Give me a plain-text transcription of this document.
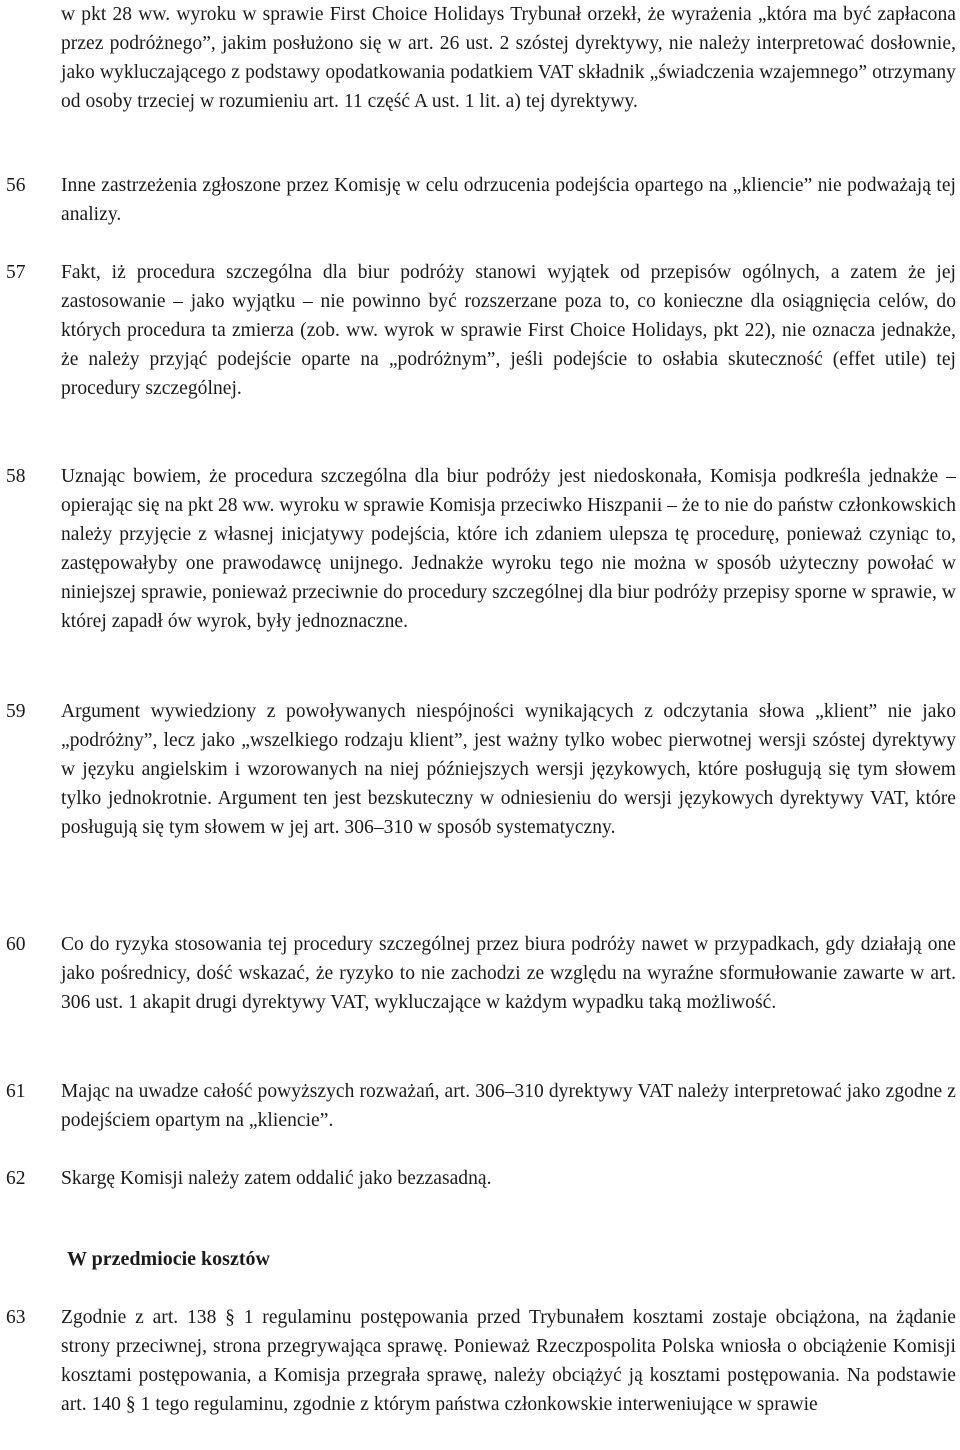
w pkt 28 ww. wyroku w sprawie First Choice Holidays Trybunał orzekł, że wyrażenia „która ma być zapłacona przez podróżnego”, jakim posłużono się w art. 26 ust. 2 szóstej dyrektywy, nie należy interpretować dosłownie, jako wykluczającego z podstawy opodatkowania podatkiem VAT składnik „świadczenia wzajemnego” otrzymany od osoby trzeciej w rozumieniu art. 11 część A ust. 1 lit. a) tej dyrektywy.
56 Inne zastrzeżenia zgłoszone przez Komisję w celu odrzucenia podejścia opartego na „kliencie” nie podważają tej analizy.
57 Fakt, iż procedura szczególna dla biur podróży stanowi wyjątek od przepisów ogólnych, a zatem że jej zastosowanie – jako wyjątku – nie powinno być rozszerzane poza to, co konieczne dla osiągnięcia celów, do których procedura ta zmierza (zob. ww. wyrok w sprawie First Choice Holidays, pkt 22), nie oznacza jednakże, że należy przyjąć podejście oparte na „podróżnym”, jeśli podejście to osłabia skuteczność (effet utile) tej procedury szczególnej.
58 Uznając bowiem, że procedura szczególna dla biur podróży jest niedoskonała, Komisja podkreśla jednakże – opierając się na pkt 28 ww. wyroku w sprawie Komisja przeciwko Hiszpanii – że to nie do państw członkowskich należy przyjęcie z własnej inicjatywy podejścia, które ich zdaniem ulepsza tę procedurę, ponieważ czyniąc to, zastępowałyby one prawodawcę unijnego. Jednakże wyroku tego nie można w sposób użyteczny powołać w niniejszej sprawie, ponieważ przeciwnie do procedury szczególnej dla biur podróży przepisy sporne w sprawie, w której zapadł ów wyrok, były jednoznaczne.
59 Argument wywiedziony z powoływanych niespójności wynikających z odczytania słowa „klient” nie jako „podróżny”, lecz jako „wszelkiego rodzaju klient”, jest ważny tylko wobec pierwotnej wersji szóstej dyrektywy w języku angielskim i wzorowanych na niej późniejszych wersji językowych, które posługują się tym słowem tylko jednokrotnie. Argument ten jest bezskuteczny w odniesieniu do wersji językowych dyrektywy VAT, które posługują się tym słowem w jej art. 306–310 w sposób systematyczny.
60 Co do ryzyka stosowania tej procedury szczególnej przez biura podróży nawet w przypadkach, gdy działają one jako pośrednicy, dość wskazać, że ryzyko to nie zachodzi ze względu na wyraźne sformułowanie zawarte w art. 306 ust. 1 akapit drugi dyrektywy VAT, wykluczające w każdym wypadku taką możliwość.
61 Mając na uwadze całość powyższych rozważań, art. 306–310 dyrektywy VAT należy interpretować jako zgodne z podejściem opartym na „kliencie”.
62 Skargę Komisji należy zatem oddalić jako bezzasadną.
W przedmiocie kosztów
63 Zgodnie z art. 138 § 1 regulaminu postępowania przed Trybunałem kosztami zostaje obciążona, na żądanie strony przeciwnej, strona przegrywająca sprawę. Ponieważ Rzeczpospolita Polska wniosła o obciążenie Komisji kosztami postępowania, a Komisja przegrała sprawę, należy obciążyć ją kosztami postępowania. Na podstawie art. 140 § 1 tego regulaminu, zgodnie z którym państwa członkowskie interweniujące w sprawie
